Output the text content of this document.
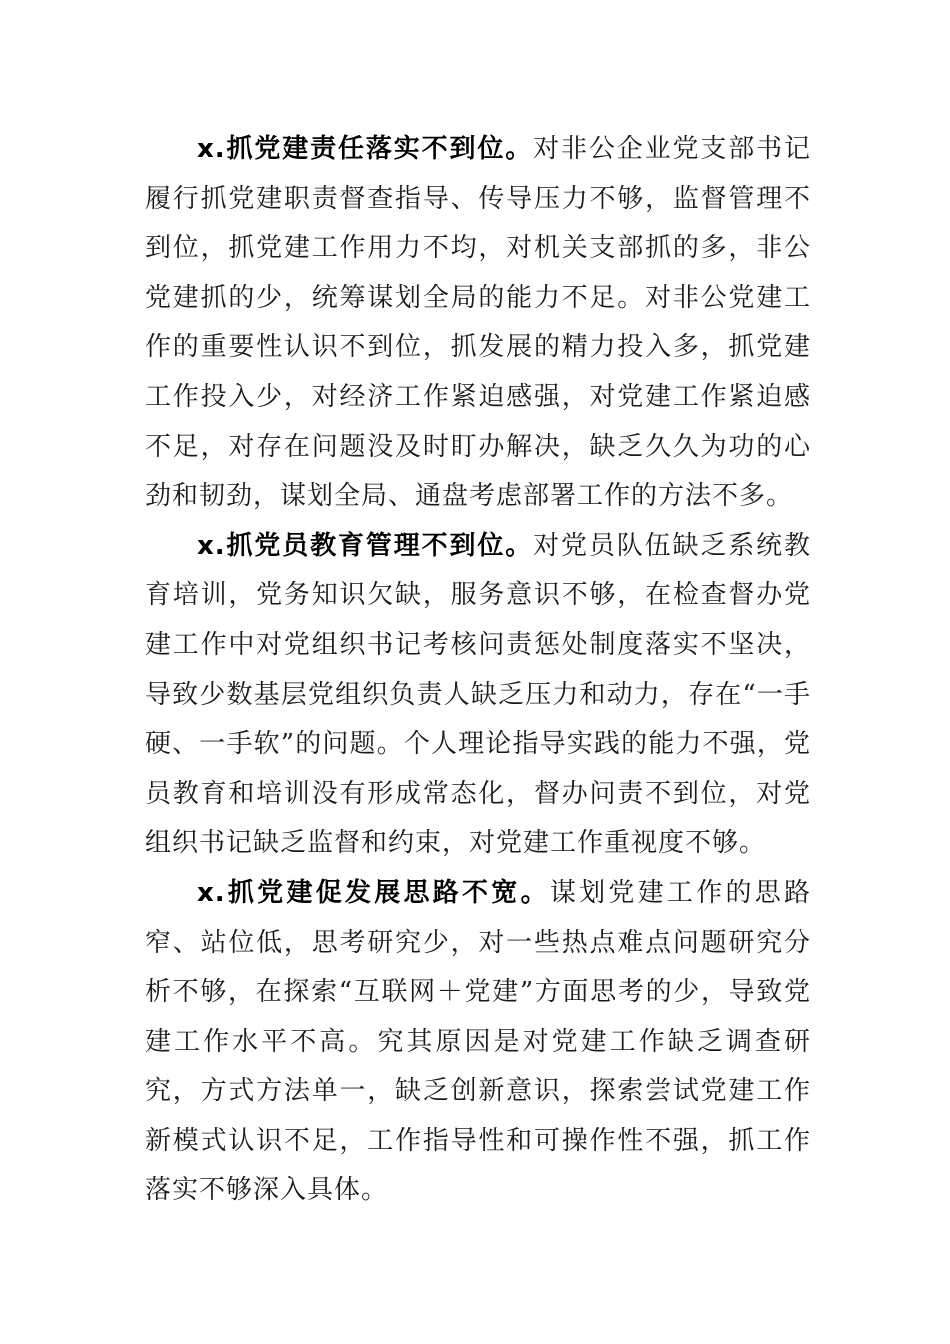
x.抓党建责任落实不到位。对非公企业党支部书记履行抓党建职责督查指导、传导压力不够，监督管理不到位，抓党建工作用力不均，对机关支部抓的多，非公党建抓的少，统筹谋划全局的能力不足。对非公党建工作的重要性认识不到位，抓发展的精力投入多，抓党建工作投入少，对经济工作紧迫感强，对党建工作紧迫感不足，对存在问题没及时盯办解决，缺乏久久为功的心劲和韧劲，谋划全局、通盘考虑部署工作的方法不多。

x.抓党员教育管理不到位。对党员队伍缺乏系统教育培训，党务知识欠缺，服务意识不够，在检查督办党建工作中对党组织书记考核问责惩处制度落实不坚决，导致少数基层党组织负责人缺乏压力和动力，存在“一手硬、一手软”的问题。个人理论指导实践的能力不强，党员教育和培训没有形成常态化，督办问责不到位，对党组织书记缺乏监督和约束，对党建工作重视度不够。

x.抓党建促发展思路不宽。谋划党建工作的思路窄、站位低，思考研究少，对一些热点难点问题研究分析不够，在探索“互联网＋党建”方面思考的少，导致党建工作水平不高。究其原因是对党建工作缺乏调查研究，方式方法单一，缺乏创新意识，探索尝试党建工作新模式认识不足，工作指导性和可操作性不强，抓工作落实不够深入具体。
